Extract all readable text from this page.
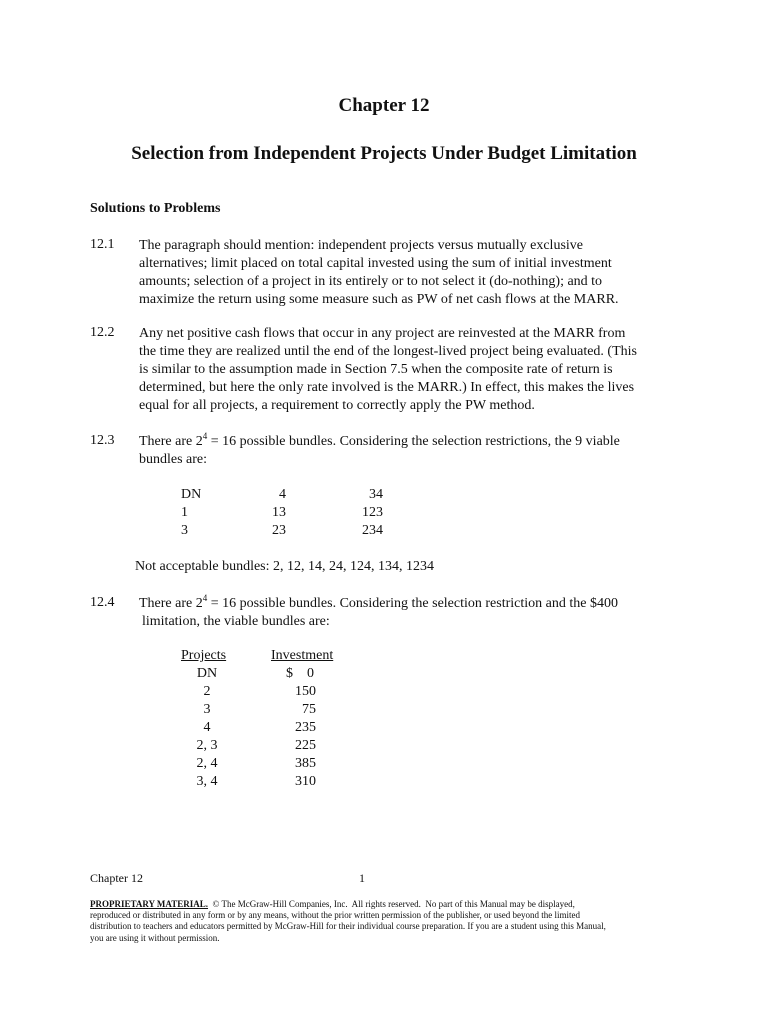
Chapter 12
Selection from Independent Projects Under Budget Limitation
Solutions to Problems
12.1 The paragraph should mention: independent projects versus mutually exclusive
alternatives; limit placed on total capital invested using the sum of initial investment
amounts; selection of a project in its entirely or to not select it (do-nothing); and to
maximize the return using some measure such as PW of net cash flows at the MARR.
12.2 Any net positive cash flows that occur in any project are reinvested at the MARR from
the time they are realized until the end of the longest-lived project being evaluated. (This
is similar to the assumption made in Section 7.5 when the composite rate of return is
determined, but here the only rate involved is the MARR.) In effect, this makes the lives
equal for all projects, a requirement to correctly apply the PW method.
12.3 There are $2^4 = 16$ possible bundles. Considering the selection restrictions, the 9 viable
bundles are:
DN
1
3
4
13
23
34
123
234
Not acceptable bundles: 2, 12, 14, 24, 124, 134, 1234
12.4 There are $2^4 = 16$ possible bundles. Considering the selection restriction and the $400
limitation, the viable bundles are:
Projects	Investment
DN
2
3
4
2, 3
2, 4
3, 4
$    0
150
75
235
225
385
310
Chapter 12	1
PROPRIETARY MATERIAL.  © The McGraw-Hill Companies, Inc.  All rights reserved.  No part of this Manual may be displayed,
reproduced or distributed in any form or by any means, without the prior written permission of the publisher, or used beyond the limited
distribution to teachers and educators permitted by McGraw-Hill for their individual course preparation. If you are a student using this Manual,
you are using it without permission.
